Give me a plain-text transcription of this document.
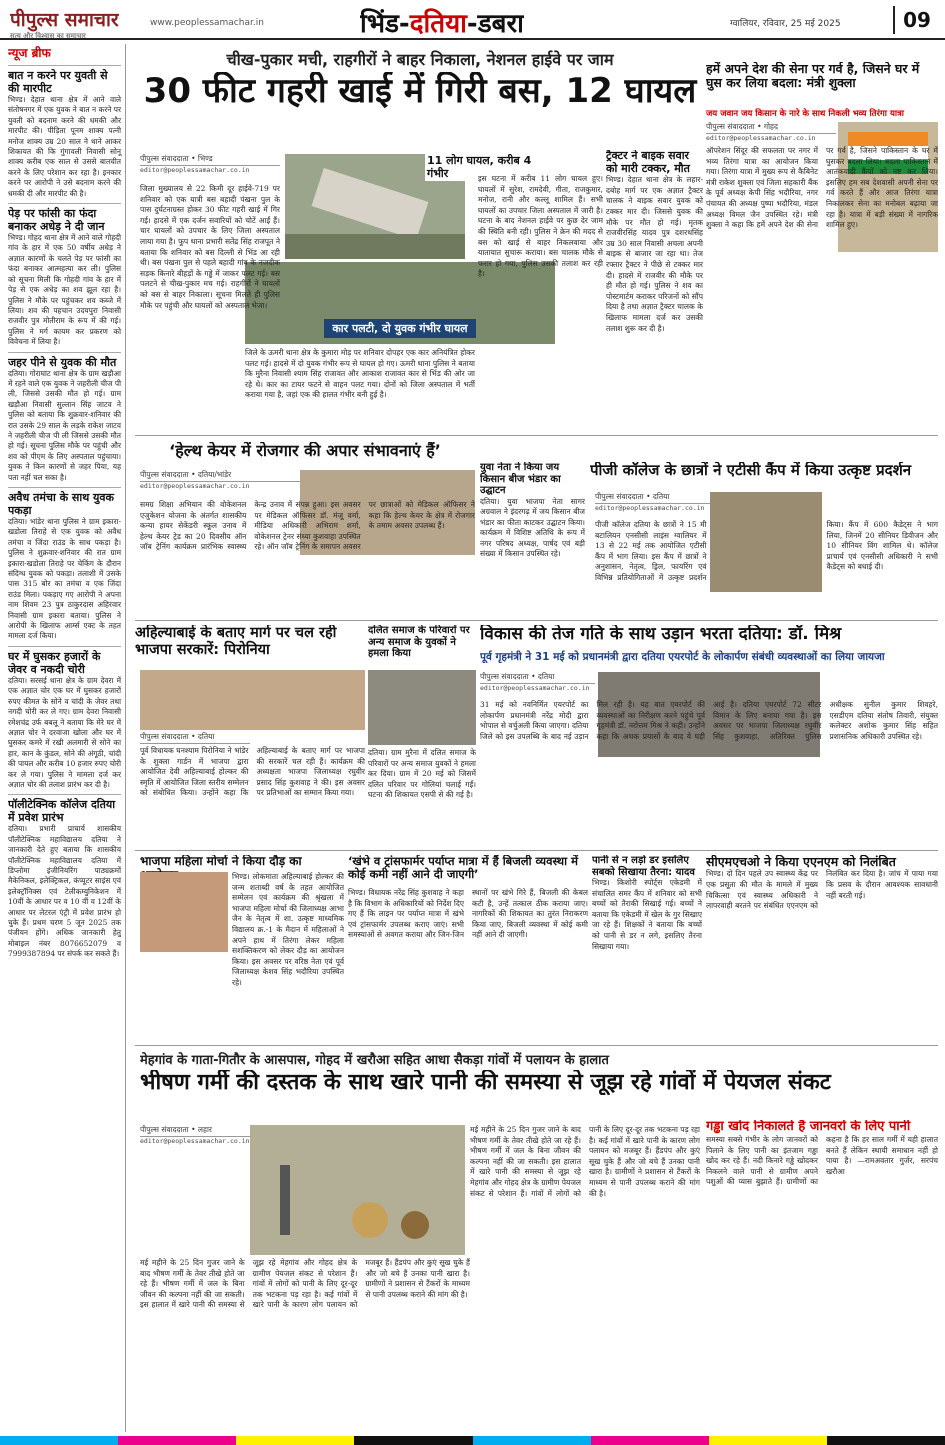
पीपुल्स समाचार
सत्य और विश्वास का समाचार
www.peoplessamachar.in	भिंड-दतिया-डबरा	ग्वालियर, रविवार, 25 मई 2025	09
न्यूज ब्रीफ
बात न करने पर युवती से की मारपीट
भिण्ड। देहात थाना क्षेत्र में आने वाले संतोषनगर में एक युवक ने बात न करने पर युवती को बदनाम करने की धमकी और मारपीट की। पीड़िता पूनम शाक्य पत्नी मनोज शाक्य उम्र 20 साल ने थाने आकर शिकायत की कि गुंगावली निवासी सोनू शाक्य करीब एक साल से उससे बातचीत करने के लिए परेशान कर रहा है। इनकार करने पर आरोपी ने उसे बदनाम करने की धमकी दी और मारपीट की है।
पेड़ पर फांसी का फंदा बनाकर अधेड़ ने दी जान
भिण्ड। गोहद थाना क्षेत्र में आने वाले गोहदी गांव के हार में एक 50 वर्षीय अधेड़ ने अज्ञात कारणों के चलते पेड़ पर फांसी का फंदा बनाकर आत्महत्या कर ली। पुलिस को सूचना मिली कि गोहदी गांव के हार में पेड़ से एक अधेड़ का शव झूल रहा है। पुलिस ने मौके पर पहुंचकर शव कब्जे में लिया। शव की पहचान उदयपुरा निवासी राजवीर पुत्र मोतीराम के रूप में की गई। पुलिस ने मर्ग कायम कर प्रकरण को विवेचना में लिया है।
जहर पीने से युवक की मौत
दतिया। गोराघाट थाना क्षेत्र के ग्राम खड़ौआ में रहने वाले एक युवक ने जहरीली चीज पी ली, जिससे उसकी मौत हो गई। ग्राम खड़ौआ निवासी सुल्तान सिंह जाटव ने पुलिस को बताया कि शुक्रवार-शनिवार की रात उसके 29 साल के लड़के राकेश जाटव ने जहरीली चीज पी ली जिससे उसकी मौत हो गई। सूचना पुलिस मौके पर पहुंची और शव को पीएम के लिए अस्पताल पहुंचाया। युवक ने किन कारणों से जहर पिया, यह पता नहीं चल सका है।
अवैध तमंचा के साथ युवक पकड़ा
दतिया। भांडेर थाना पुलिस ने ग्राम इकारा-खडोला तिराहे से एक युवक को अवैध तमंचा व जिंदा राउंड के साथ पकड़ा है। पुलिस ने शुक्रवार-शनिवार की रात ग्राम इकारा-खडोला तिराहे पर चेकिंग के दौरान संदिग्ध युवक को पकड़ा। तलाशी में उसके पास 315 बोर का तमंचा व एक जिंदा राउंड मिला। पकड़ाए गए आरोपी ने अपना नाम शिवम 23 पुत्र ठाकुरदास अहिरवार निवासी ग्राम इकारा बताया। पुलिस ने आरोपी के खिलाफ आर्म्स एक्ट के तहत मामला दर्ज किया।
घर में घुसकर हजारों के जेवर व नकदी चोरी
दतिया। सरसई थाना क्षेत्र के ग्राम देवरा में एक अज्ञात चोर एक घर में घुसकर हजारों रुपए कीमत के सोने व चांदी के जेवर तथा नगदी चोरी कर ले गए। ग्राम देवरा निवासी रमेशचंद्र उर्फ बबलू ने बताया कि मेरे घर में अज्ञात चोर ने दरवाजा खोला और घर में घुसकर कमरे में रखी अलमारी से सोने का हार, कान के कुंडल, सोने की अंगूठी, चांदी की पायल और करीब 10 हजार रुपए चोरी कर ले गया। पुलिस ने मामला दर्ज कर अज्ञात चोर की तलाश प्रारंभ कर दी है।
पॉलीटेक्निक कॉलेज दतिया में प्रवेश प्रारंभ
दतिया। प्रभारी प्राचार्य शासकीय पॉलीटेक्निक महाविद्यालय दतिया ने जानकारी देते हुए बताया कि शासकीय पॉलीटेक्निक महाविद्यालय दतिया में डिप्लोमा इंजीनियरिंग पाठ्यक्रमों मैकेनिकल, इलेक्ट्रिकल, कंप्यूटर साइंस एवं इलेक्ट्रॉनिक्स एवं टेलीकम्युनिकेशन में 10वीं के आधार पर व 10 वीं व 12वीं के आधार पर लेटरल एंट्री में प्रवेश प्रारंभ हो चुके हैं। प्रथम चरण 5 जून 2025 तक पंजीयन होंगे। अधिक जानकारी हेतु मोबाइल नंबर 8076652079 व 7999387894 पर संपर्क कर सकते हैं।
चीख-पुकार मची, राहगीरों ने बाहर निकाला, नेशनल हाईवे पर जाम
30 फीट गहरी खाई में गिरी बस, 12 घायल
पीपुल्स संवाददाता • भिण्ड
editor@peoplessamachar.co.in
11 लोग घायल, करीब 4 गंभीर
कार पलटी, दो युवक गंभीर घायल
जिला मुख्यालय से 22 किमी दूर हाईवे-719 पर शनिवार को एक यात्री बस बहादी पंखना पुल के पास दुर्घटनाग्रस्त होकर 30 फीट गहरी खाई में गिर गई। हादसे में एक दर्जन सवारियों को चोटें आईं हैं। चार घायलों को उपचार के लिए जिला अस्पताल लाया गया है। फूप थाना प्रभारी सतेंद्र सिंह राजपूत ने बताया कि शनिवार को बस दिल्ली से भिंड आ रही थी। बस पंखना पुल से पहले बहादी गांव के नजदीक सड़क किनारे बीहड़ों के गड्ढे में जाकर पलट गई। बस पलटने से चीख-पुकार मच गई। राहगीरों ने घायलों को बस से बाहर निकाला। सूचना मिलते ही पुलिस मौके पर पहुंची और घायलों को अस्पताल भेजा।
जिले के ऊमरी थाना क्षेत्र के कुमारा मोड़ पर शनिवार दोपहर एक कार अनियंत्रित होकर पलट गई। हादसे में दो युवक गंभीर रूप से घायल हो गए। ऊमरी थाना पुलिस ने बताया कि मुरैना निवासी श्याम सिंह राजावत और आकाश राजावत कार से भिंड की ओर जा रहे थे। कार का टायर फटने से वाहन पलट गया। दोनों को जिला अस्पताल में भर्ती कराया गया है, जहां एक की हालत गंभीर बनी हुई है।
इस घटना में करीब 11 लोग घायल हुए। घायलों में सुरेश, रामदेवी, गीता, राजकुमार, मनोज, रानी और कल्लू शामिल हैं। सभी घायलों का उपचार जिला अस्पताल में जारी है। घटना के बाद नेशनल हाईवे पर कुछ देर जाम की स्थिति बनी रही। पुलिस ने क्रेन की मदद से बस को खाई से बाहर निकलवाया और यातायात सुचारू कराया। बस चालक मौके से फरार हो गया, पुलिस उसकी तलाश कर रही है।
ट्रैक्टर ने बाइक सवार को मारी टक्कर, मौत
भिण्ड। देहात थाना क्षेत्र के लहार-दबोह मार्ग पर एक अज्ञात ट्रैक्टर चालक ने बाइक सवार युवक को टक्कर मार दी। जिससे युवक की मौके पर मौत हो गई। मृतक राजवीरसिंह यादव पुत्र दशरथसिंह उम्र 30 साल निवासी अचला अपनी बाइक से बाजार जा रहा था। तेज रफ्तार ट्रैक्टर ने पीछे से टक्कर मार दी। हादसे में राजवीर की मौके पर ही मौत हो गई। पुलिस ने शव का पोस्टमार्टम कराकर परिजनों को सौंप दिया है तथा अज्ञात ट्रैक्टर चालक के खिलाफ मामला दर्ज कर उसकी तलाश शुरू कर दी है।
हमें अपने देश की सेना पर गर्व है, जिसने घर में घुस कर लिया बदला: मंत्री शुक्ला
जय जवान जय किसान के नारे के साथ निकली भव्य तिरंगा यात्रा
पीपुल्स संवाददाता • गोहद
editor@peoplessamachar.co.in
ऑपरेशन सिंदूर की सफलता पर नगर में भव्य तिरंगा यात्रा का आयोजन किया गया। तिरंगा यात्रा में मुख्य रूप से कैबिनेट मंत्री राकेश शुक्ला एवं जिला सहकारी बैंक के पूर्व अध्यक्ष केपी सिंह भदौरिया, नगर पंचायत की अध्यक्ष पुष्पा भदौरिया, मंडल अध्यक्ष विमल जैन उपस्थित रहे। मंत्री शुक्ला ने कहा कि हमें अपने देश की सेना पर गर्व है, जिसने पाकिस्तान के घर में घुसकर बदला लिया। बदला पाकिस्तान में आतंकवादी कैंपों को नष्ट कर लिया। इसलिए हम सब देशवासी अपनी सेना पर गर्व करते हैं और आज तिरंगा यात्रा निकालकर सेना का मनोबल बढ़ाया जा रहा है। यात्रा में बड़ी संख्या में नागरिक शामिल हुए।
‘हेल्थ केयर में रोजगार की अपार संभावनाएं हैं’
पीपुल्स संवाददाता • दतिया/भांडेर
editor@peoplessamachar.co.in
समग्र शिक्षा अभियान की वोकेशनल एजुकेशन योजना के अंतर्गत शासकीय कन्या हायर सेकेंडरी स्कूल उनाव में हेल्थ केयर ट्रेड का 20 दिवसीय ऑन जॉब ट्रेनिंग कार्यक्रम प्रारंभिक स्वास्थ्य केन्द्र उनाव में संपन्न हुआ। इस अवसर पर मेडिकल ऑफिसर डॉ. मंजू वर्मा, मीडिया अधिकारी अभिराम शर्मा, वोकेशनल ट्रेनर संध्या कुशवाहा उपस्थित रहे। ऑन जॉब ट्रेनिंग के समापन अवसर पर छात्राओं को मेडिकल ऑफिसर ने कहा कि हेल्थ केयर के क्षेत्र में रोजगार के तमाम अवसर उपलब्ध हैं।
युवा नेता ने किया जय किसान बीज भंडार का उद्घाटन
दतिया। युवा भाजपा नेता सागर अग्रवाल ने इंदरगढ़ में जय किसान बीज भंडार का फीता काटकर उद्घाटन किया। कार्यक्रम में विशिष्ट अतिथि के रूप में नगर परिषद अध्यक्ष, पार्षद एवं बड़ी संख्या में किसान उपस्थित रहे।
पीजी कॉलेज के छात्रों ने एटीसी कैंप में किया उत्कृष्ट प्रदर्शन
पीपुल्स संवाददाता • दतिया
editor@peoplessamachar.co.in
पीजी कॉलेज दतिया के छात्रों ने 15 मी बटालियन एनसीसी लाइंस ग्वालियर में 13 से 22 मई तक आयोजित एटीसी कैंप में भाग लिया। इस कैंप में छात्रों ने अनुशासन, नेतृत्व, ड्रिल, फायरिंग एवं विभिन्न प्रतियोगिताओं में उत्कृष्ट प्रदर्शन किया। कैंप में 600 कैडेट्स ने भाग लिया, जिनमें 20 सीनियर डिवीजन और 10 सीनियर विंग शामिल थे। कॉलेज प्राचार्य एवं एनसीसी अधिकारी ने सभी कैडेट्स को बधाई दी।
अहिल्याबाई के बताए मार्ग पर चल रही भाजपा सरकारें: पिरोनिया
पीपुल्स संवाददाता • दतिया
पूर्व विधायक घनश्याम पिरोनिया ने भांडेर के शुक्ला गार्डन में भाजपा द्वारा आयोजित देवी अहिल्याबाई होल्कर की स्मृति में आयोजित जिला स्तरीय सम्मेलन को संबोधित किया। उन्होंने कहा कि अहिल्याबाई के बताए मार्ग पर भाजपा की सरकारें चल रही हैं। कार्यक्रम की अध्यक्षता भाजपा जिलाध्यक्ष रघुवीर प्रसाद सिंह कुशवाह ने की। इस अवसर पर प्रतिभाओं का सम्मान किया गया।
दलित समाज के परिवारों पर अन्य समाज के युवकों ने हमला किया
दतिया। ग्राम मुरैना में दलित समाज के परिवारों पर अन्य समाज युवकों ने हमला कर दिया। ग्राम में 20 मई को जिसमें दलित परिवार पर गोलियां चलाई गईं। घटना की शिकायत एसपी से की गई है।
विकास की तेज गति के साथ उड़ान भरता दतिया: डॉ. मिश्र
पूर्व गृहमंत्री ने 31 मई को प्रधानमंत्री द्वारा दतिया एयरपोर्ट के लोकार्पण संबंधी व्यवस्थाओं का लिया जायजा
पीपुल्स संवाददाता • दतिया
editor@peoplessamachar.co.in
31 मई को नवनिर्मित एयरपोर्ट का लोकार्पण प्रधानमंत्री नरेंद्र मोदी द्वारा भोपाल से वर्चुअली किया जाएगा। दतिया जिले को इस उपलब्धि के बाद नई उड़ान मिल रही है। यह बात एयरपोर्ट की व्यवस्थाओं का निरीक्षण करने पहुंचे पूर्व गृहमंत्री डॉ. नरोत्तम मिश्र ने कही। उन्होंने कहा कि अथक प्रयासों के बाद ये घड़ी आई है। दतिया एयरपोर्ट 72 सीटर विमान के लिए बनाया गया है। इस अवसर पर भाजपा जिलाध्यक्ष रघुवीर सिंह कुशवाहा, अतिरिक्त पुलिस अधीक्षक सुनील कुमार शिवहरे, एसडीएम दतिया संतोष तिवारी, संयुक्त कलेक्टर अशोक कुमार सिंह सहित प्रशासनिक अधिकारी उपस्थित रहे।
भाजपा महिला मोर्चा ने किया दौड़ का
भिण्ड। लोकमाता अहिल्याबाई होल्कर की जन्म शताब्दी वर्ष के तहत आयोजित सम्मेलन एवं कार्यक्रम की श्रृंखला में भाजपा महिला मोर्चा की जिलाध्यक्ष आभा जैन के नेतृत्व में शा. उत्कृष्ट माध्यमिक विद्यालय क्र.-1 के मैदान में महिलाओं ने अपने हाथ में तिरंगा लेकर महिला सशक्तिकरण को लेकर दौड़ का आयोजन किया। इस अवसर पर वरिष्ठ नेता एवं पूर्व जिलाध्यक्ष केशव सिंह भदौरिया उपस्थित रहे।
‘खंभे व ट्रांसफार्मर पर्याप्त मात्रा में हैं बिजली व्यवस्था में कोई कमी नहीं आने दी जाएगी’
भिण्ड। विधायक नरेंद्र सिंह कुशवाह ने कहा है कि विभाग के अधिकारियों को निर्देश दिए गए हैं कि लाइन पर पर्याप्त मात्रा में खंभे एवं ट्रांसफार्मर उपलब्ध कराए जाएं। सभी समस्याओं से अवगत कराया और जिन-जिन स्थानों पर खंभे गिरे हैं, बिजली की केबल कटी है, उन्हें तत्काल ठीक कराया जाए। नागरिकों की शिकायत का तुरंत निराकरण किया जाए, बिजली व्यवस्था में कोई कमी नहीं आने दी जाएगी।
पानी से न लड़ो डर इसलिए सबको सिखाया तैरना: यादव
भिण्ड। किशोरी स्पोर्ट्स एकेडमी में संचालित समर कैंप में शनिवार को सभी बच्चों को तैराकी सिखाई गई। बच्चों ने बताया कि एकेडमी में खेल के गुर सिखाए जा रहे हैं। शिक्षकों ने बताया कि बच्चों को पानी से डर न लगे, इसलिए तैरना सिखाया गया।
सीएमएचओ ने किया एएनएम को निलंबित
भिण्ड। दो दिन पहले उप स्वास्थ्य केंद्र पर एक प्रसूता की मौत के मामले में मुख्य चिकित्सा एवं स्वास्थ्य अधिकारी ने लापरवाही बरतने पर संबंधित एएनएम को निलंबित कर दिया है। जांच में पाया गया कि प्रसव के दौरान आवश्यक सावधानी नहीं बरती गई।
मेहगांव के गाता-गितौर के आसपास, गोहद में खरौआ सहित आधा सैकड़ा गांवों में पलायन के हालात
भीषण गर्मी की दस्तक के साथ खारे पानी की समस्या से जूझ रहे गांवों में पेयजल संकट
पीपुल्स संवाददाता • लहार
editor@peoplessamachar.co.in
मई महीने के 25 दिन गुजर जाने के बाद भीषण गर्मी के तेवर तीखे होते जा रहे हैं। भीषण गर्मी में जल के बिना जीवन की कल्पना नहीं की जा सकती। इस हालात में खारे पानी की समस्या से जूझ रहे मेहगांव और गोहद क्षेत्र के ग्रामीण पेयजल संकट से परेशान हैं। गांवों में लोगों को पानी के लिए दूर-दूर तक भटकना पड़ रहा है। कई गांवों में खारे पानी के कारण लोग पलायन को मजबूर हैं। हैंडपंप और कुएं सूख चुके हैं और जो बचे हैं उनका पानी खारा है। ग्रामीणों ने प्रशासन से टैंकरों के माध्यम से पानी उपलब्ध कराने की मांग की है।
मई महीने के 25 दिन गुजर जाने के बाद भीषण गर्मी के तेवर तीखे होते जा रहे हैं। भीषण गर्मी में जल के बिना जीवन की कल्पना नहीं की जा सकती। इस हालात में खारे पानी की समस्या से जूझ रहे मेहगांव और गोहद क्षेत्र के ग्रामीण पेयजल संकट से परेशान हैं। गांवों में लोगों को पानी के लिए दूर-दूर तक भटकना पड़ रहा है। कई गांवों में खारे पानी के कारण लोग पलायन को मजबूर हैं। हैंडपंप और कुएं सूख चुके हैं और जो बचे हैं उनका पानी खारा है। ग्रामीणों ने प्रशासन से टैंकरों के माध्यम से पानी उपलब्ध कराने की मांग की है।
गड्ढा खोद निकालते हैं जानवरों के लिए पानी
समस्या सबसे गंभीर के लोग जानवरों को पिलाने के लिए पानी का इंतजाम गड्ढा खोद कर रहे हैं। नदी किनारे गड्ढे खोदकर निकलने वाले पानी से ग्रामीण अपने पशुओं की प्यास बुझाते हैं। ग्रामीणों का कहना है कि हर साल गर्मी में यही हालात बनते हैं लेकिन स्थायी समाधान नहीं हो पाया है। —रामअवतार गुर्जर, सरपंच खरौआ
